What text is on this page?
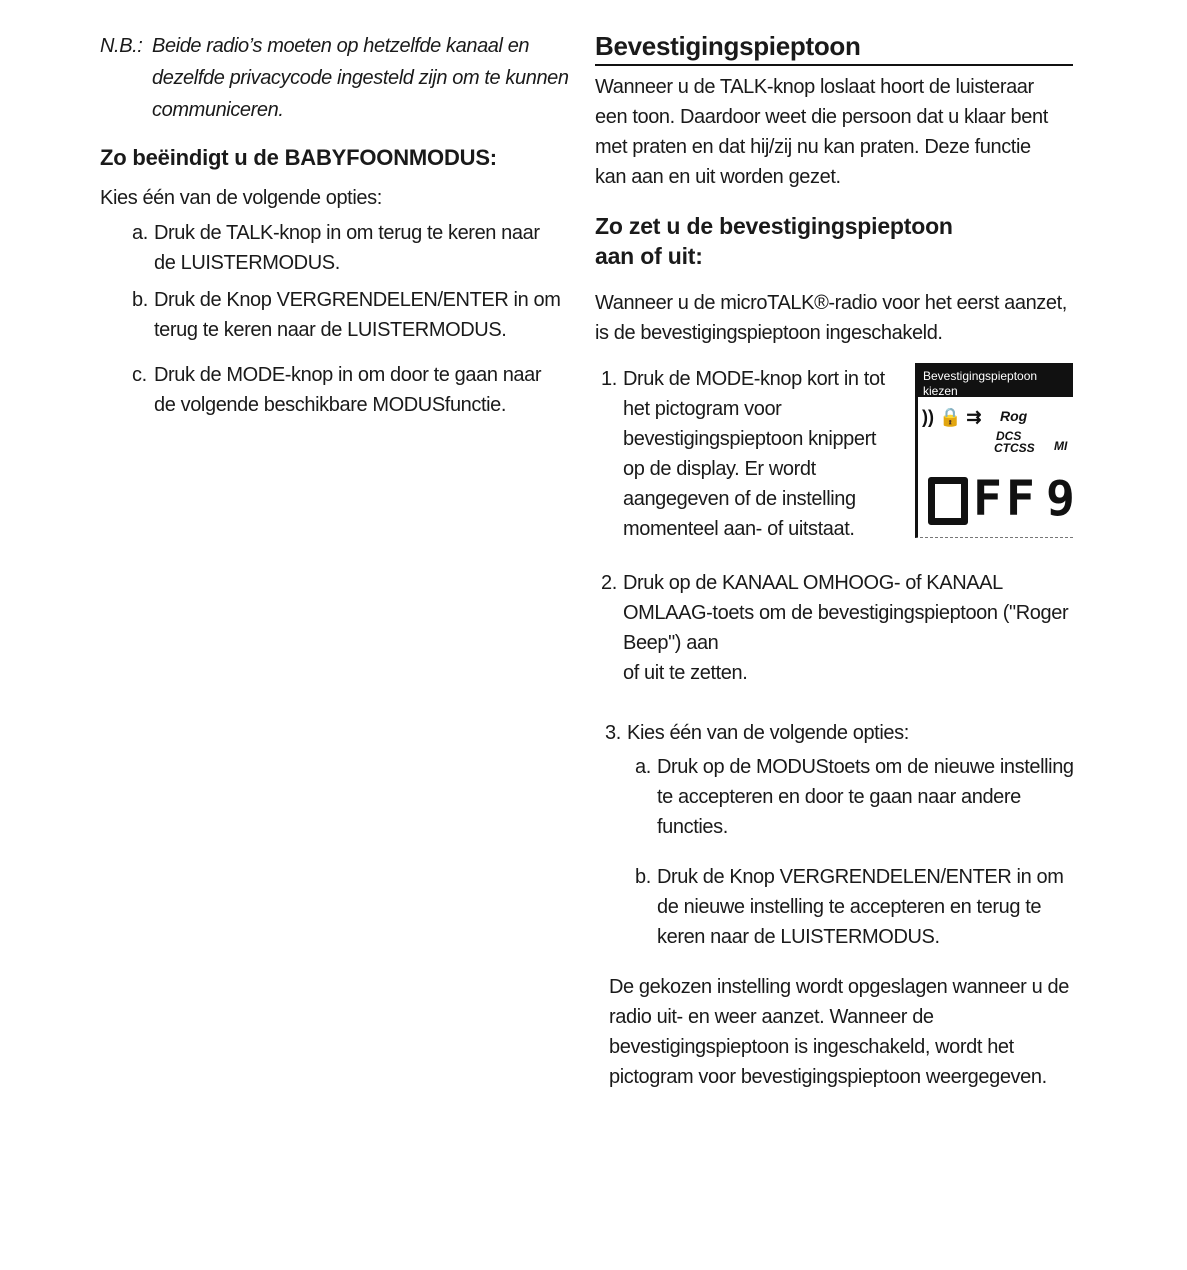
N.B.: Beide radio’s moeten op hetzelfde kanaal en dezelfde privacycode ingesteld zijn om te kunnen communiceren.

Zo beëindigt u de BABYFOONMODUS:

Kies één van de volgende opties:

a. Druk de TALK-knop in om terug te keren naar de LUISTERMODUS.
b. Druk de Knop VERGRENDELEN/ENTER in om terug te keren naar de LUISTERMODUS.
c. Druk de MODE-knop in om door te gaan naar de volgende beschikbare MODUSfunctie.

Bevestigingspieptoon

Wanneer u de TALK-knop loslaat hoort de luisteraar een toon. Daardoor weet die persoon dat u klaar bent met praten en dat hij/zij nu kan praten. Deze functie kan aan en uit worden gezet.

Zo zet u de bevestigingspieptoon

aan of uit:

Wanneer u de microTALK®-radio voor het eerst aanzet, is de bevestigingspieptoon ingeschakeld.

1. Druk de MODE-knop kort in tot het pictogram voor bevestigingspieptoon knippert op de display. Er wordt aangegeven of de instelling momenteel aan- of uitstaat.
Bevestigingspieptoon kiezen
)) 🔒 ⇉ Rog
DCS
CTCSS MI
FF 9
2. Druk op de KANAAL OMHOOG- of KANAAL OMLAAG-toets om de bevestigingspieptoon ("Roger Beep") aan
of uit te zetten.
3. Kies één van de volgende opties:
a. Druk op de MODUStoets om de nieuwe instelling te accepteren en door te gaan naar andere functies.
b. Druk de Knop VERGRENDELEN/ENTER in om de nieuwe instelling te accepteren en terug te keren naar de LUISTERMODUS.

De gekozen instelling wordt opgeslagen wanneer u de radio uit- en weer aanzet. Wanneer de bevestigingspieptoon is ingeschakeld, wordt het pictogram voor bevestigingspieptoon weergegeven.
